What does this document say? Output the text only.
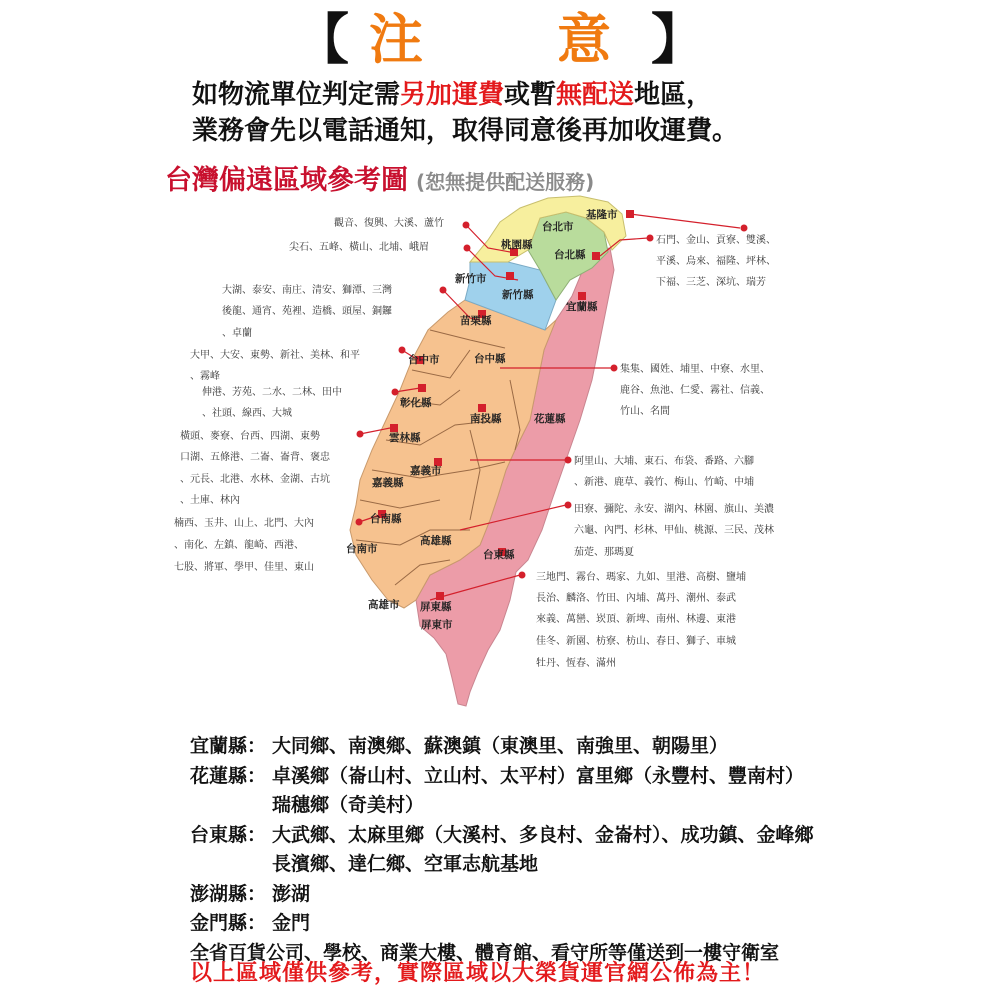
【 注　意】
如物流單位判定需另加運費或暫無配送地區，
業務會先以電話通知，取得同意後再加收運費。
台灣偏遠區域參考圖 (恕無提供配送服務)
基隆市
台北市
桃園縣
台北縣
新竹市
新竹縣
宜蘭縣
苗栗縣
台中市	台中縣
彰化縣
南投縣	花蓮縣
雲林縣
嘉義市
嘉義縣
台南縣
台南市
高雄縣
台東縣
高雄市 屏東縣
屏東市
觀音、復興、大溪、蘆竹
尖石、五峰、橫山、北埔、峨眉
大湖、泰安、南庄、清安、獅潭、三灣
後龍、通宵、苑裡、造橋、頭屋、銅鑼
、卓蘭
大甲、大安、東勢、新社、美林、和平
、霧峰
伸港、芳苑、二水、二林、田中
、社頭、線西、大城
橫頭、麥寮、台西、四湖、東勢
口湖、五條港、二崙、崙背、褒忠
、元長、北港、水林、金湖、古坑
、土庫、林內
楠西、玉井、山上、北門、大內
、南化、左鎮、龍崎、西港、
七股、將軍、學甲、佳里、東山
石門、金山、貢寮、雙溪、
平溪、烏來、福隆、坪林、
下福、三芝、深坑、瑞芳
集集、國姓、埔里、中寮、水里、
鹿谷、魚池、仁愛、霧社、信義、
竹山、名間
阿里山、大埔、東石、布袋、番路、六腳
、新港、鹿草、義竹、梅山、竹崎、中埔
田寮、彌陀、永安、湖內、林園、旗山、美濃
六龜、內門、杉林、甲仙、桃源、三民、茂林
茄萣、那瑪夏
三地門、霧台、瑪家、九如、里港、高樹、鹽埔
長治、麟洛、竹田、內埔、萬丹、潮州、泰武
來義、萬巒、崁頂、新埤、南州、林邊、東港
佳冬、新園、枋寮、枋山、春日、獅子、車城
牡丹、恆春、滿州
宜蘭縣： 大同鄉、南澳鄉、蘇澳鎮（東澳里、南強里、朝陽里）
花蓮縣： 卓溪鄉（崙山村、立山村、太平村）富里鄉（永豐村、豐南村）
瑞穗鄉（奇美村）
台東縣： 大武鄉、太麻里鄉（大溪村、多良村、金崙村）、成功鎮、金峰鄉
長濱鄉、達仁鄉、空軍志航基地
澎湖縣： 澎湖
金門縣： 金門
全省百貨公司、學校、商業大樓、體育館、看守所等僅送到一樓守衛室
以上區域僅供參考，實際區域以大榮貨運官網公佈為主！
